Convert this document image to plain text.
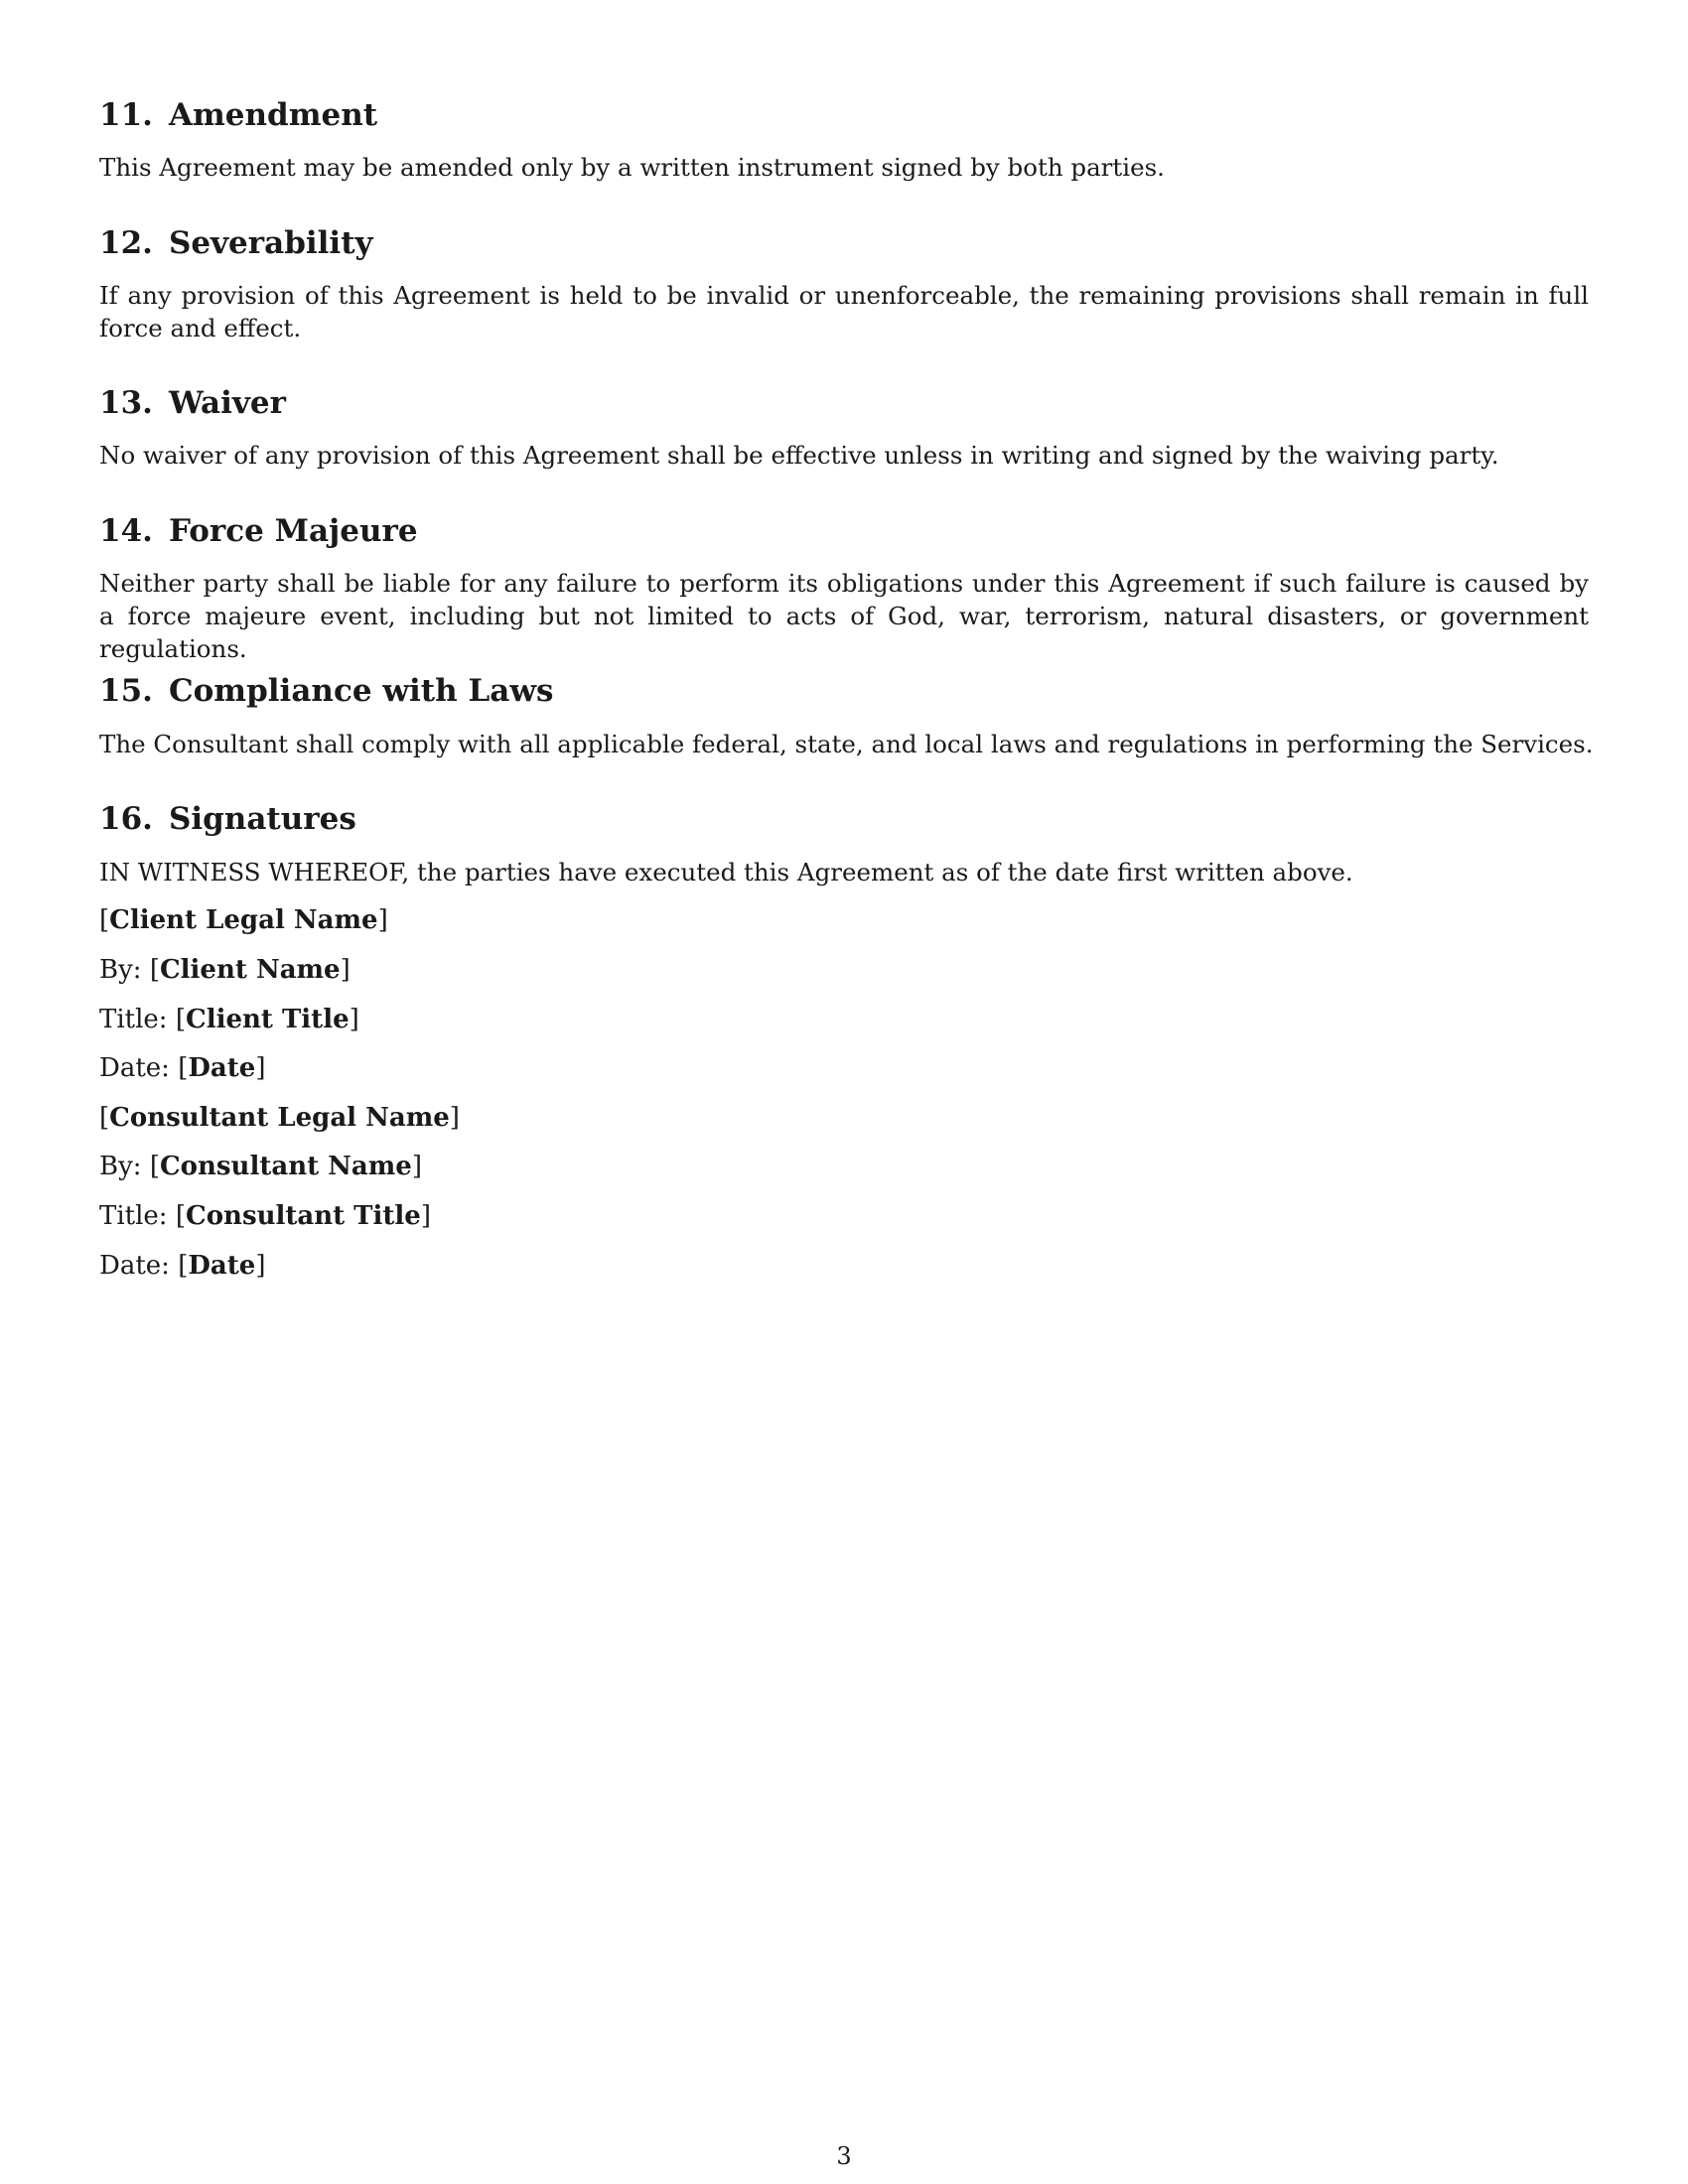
11. Amendment

This Agreement may be amended only by a written instrument signed by both parties.

12. Severability

If any provision of this Agreement is held to be invalid or unenforceable, the remaining provisions shall remain in full force and effect.

13. Waiver

No waiver of any provision of this Agreement shall be effective unless in writing and signed by the waiving party.

14. Force Majeure

Neither party shall be liable for any failure to perform its obligations under this Agreement if such failure is caused by a force majeure event, including but not limited to acts of God, war, terrorism, natural disasters, or government regulations.

15. Compliance with Laws

The Consultant shall comply with all applicable federal, state, and local laws and regulations in performing the Services.

16. Signatures

IN WITNESS WHEREOF, the parties have executed this Agreement as of the date first written above.

[Client Legal Name]

By: [Client Name]

Title: [Client Title]

Date: [Date]

[Consultant Legal Name]

By: [Consultant Name]

Title: [Consultant Title]

Date: [Date]

3
